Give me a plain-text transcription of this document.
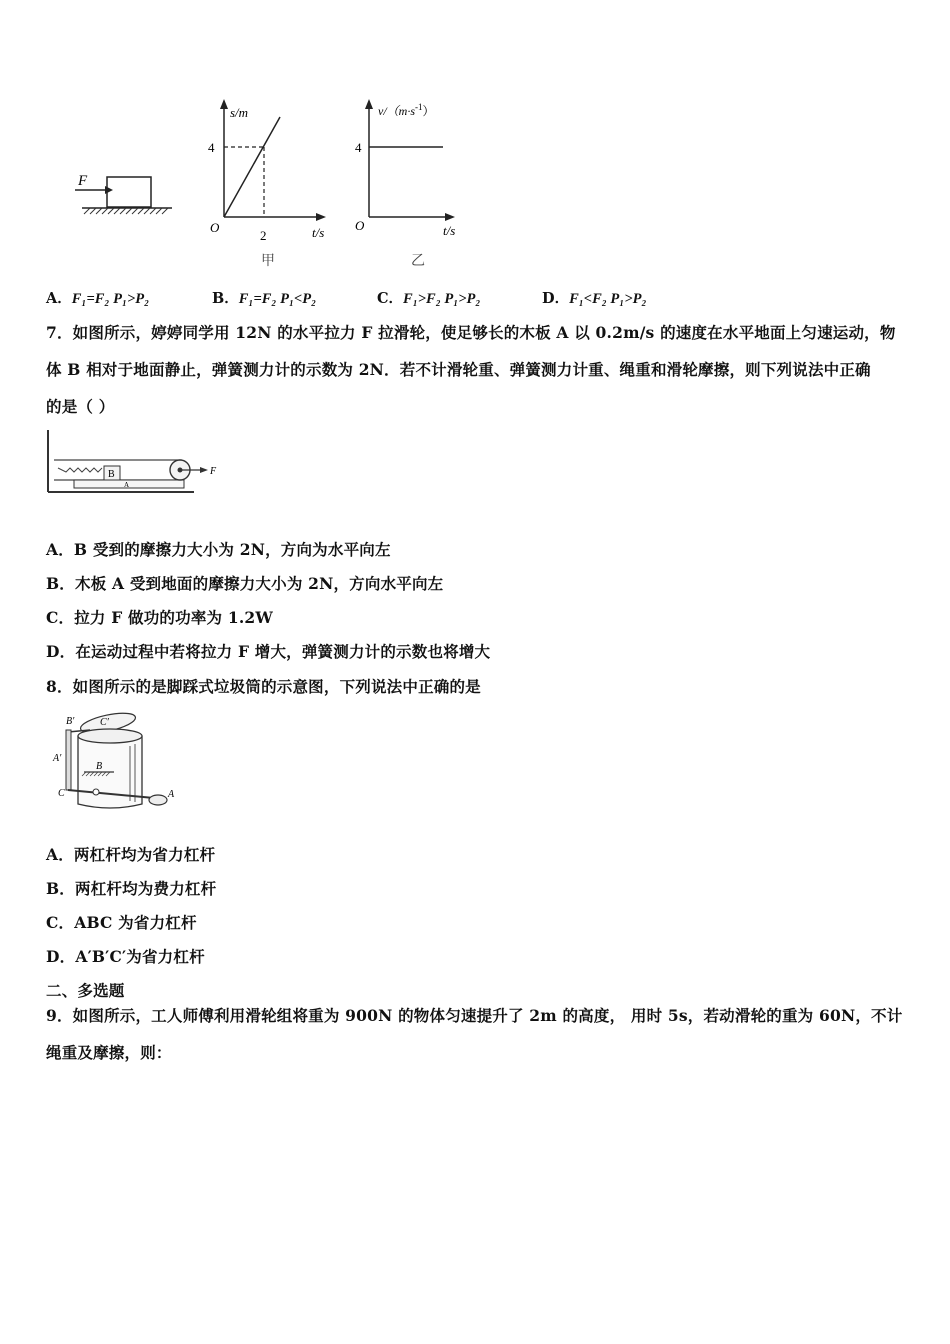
F
s/m
4
O
2	t/s
甲
$v/(m\cdot s^{-1})$
4
O	t/s
乙
A．F₁=F₂ P₁>P₂	B．F₁=F₂ P₁<P₂	C．F₁>F₂ P₁>P₂	D．F₁<F₂ P₁>P₂
7．如图所示，婷婷同学用 12N 的水平拉力 F 拉滑轮，使足够长的木板 A 以 0.2m/s 的速度在水平地面上匀速运动，物
体 B 相对于地面静止，弹簧测力计的示数为 2N．若不计滑轮重、弹簧测力计重、绳重和滑轮摩擦，则下列说法中正确
的是（ ）
B
A
F
A．B 受到的摩擦力大小为 2N，方向为水平向左
B．木板 A 受到地面的摩擦力大小为 2N，方向水平向左
C．拉力 F 做功的功率为 1.2W
D．在运动过程中若将拉力 F 增大，弹簧测力计的示数也将增大
8．如图所示的是脚踩式垃圾筒的示意图，下列说法中正确的是
B′	C′
A′
B
C	A
A．两杠杆均为省力杠杆
B．两杠杆均为费力杠杆
C．ABC 为省力杠杆
D．A′B′C′为省力杠杆
二、多选题
9．如图所示，工人师傅利用滑轮组将重为 900N 的物体匀速提升了 2m 的高度， 用时 5s，若动滑轮的重为 60N，不计
绳重及摩擦，则：
